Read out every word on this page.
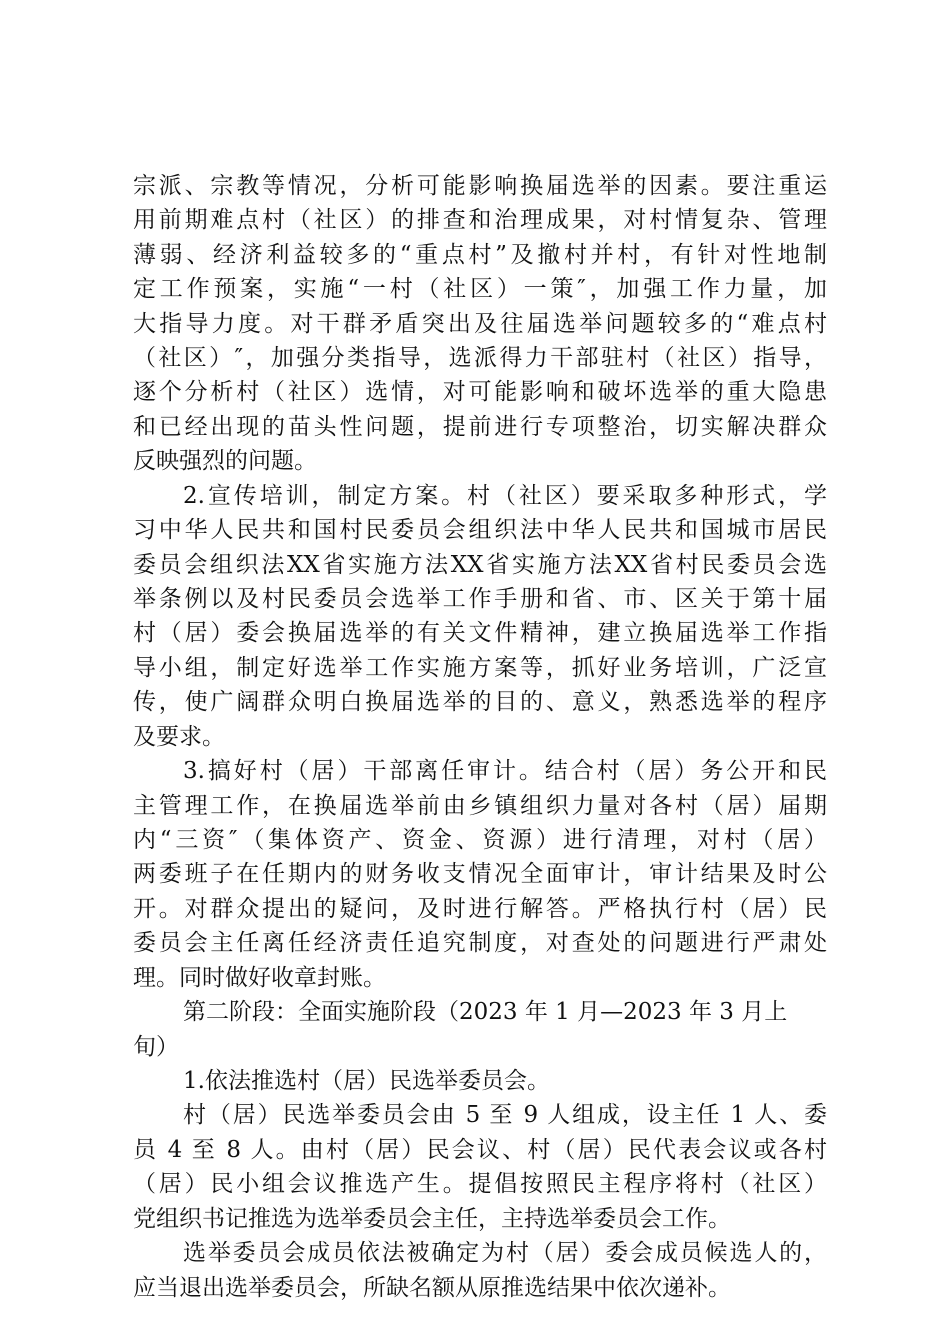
宗派、宗教等情况，分析可能影响换届选举的因素。要注重运
用前期难点村（社区）的排查和治理成果，对村情复杂、管理
薄弱、经济利益较多的“重点村”及撤村并村，有针对性地制
定工作预案，实施“一村（社区）一策″，加强工作力量，加
大指导力度。对干群矛盾突出及往届选举问题较多的“难点村
（社区）″，加强分类指导，选派得力干部驻村（社区）指导，
逐个分析村（社区）选情，对可能影响和破坏选举的重大隐患
和已经出现的苗头性问题，提前进行专项整治，切实解决群众
反映强烈的问题。
2.宣传培训，制定方案。村（社区）要采取多种形式，学
习中华人民共和国村民委员会组织法中华人民共和国城市居民
委员会组织法XX省实施方法XX省实施方法XX省村民委员会选
举条例以及村民委员会选举工作手册和省、市、区关于第十届
村（居）委会换届选举的有关文件精神，建立换届选举工作指
导小组，制定好选举工作实施方案等，抓好业务培训，广泛宣
传，使广阔群众明白换届选举的目的、意义，熟悉选举的程序
及要求。
3.搞好村（居）干部离任审计。结合村（居）务公开和民
主管理工作，在换届选举前由乡镇组织力量对各村（居）届期
内“三资″（集体资产、资金、资源）进行清理，对村（居）
两委班子在任期内的财务收支情况全面审计，审计结果及时公
开。对群众提出的疑问，及时进行解答。严格执行村（居）民
委员会主任离任经济责任追究制度，对查处的问题进行严肃处
理。同时做好收章封账。
第二阶段：全面实施阶段（2023 年 1 月—2023 年 3 月上
旬）
1.依法推选村（居）民选举委员会。
村（居）民选举委员会由 5 至 9 人组成，设主任 1 人、委
员 4 至 8 人。由村（居）民会议、村（居）民代表会议或各村
（居）民小组会议推选产生。提倡按照民主程序将村（社区）
党组织书记推选为选举委员会主任，主持选举委员会工作。
选举委员会成员依法被确定为村（居）委会成员候选人的，
应当退出选举委员会，所缺名额从原推选结果中依次递补。
